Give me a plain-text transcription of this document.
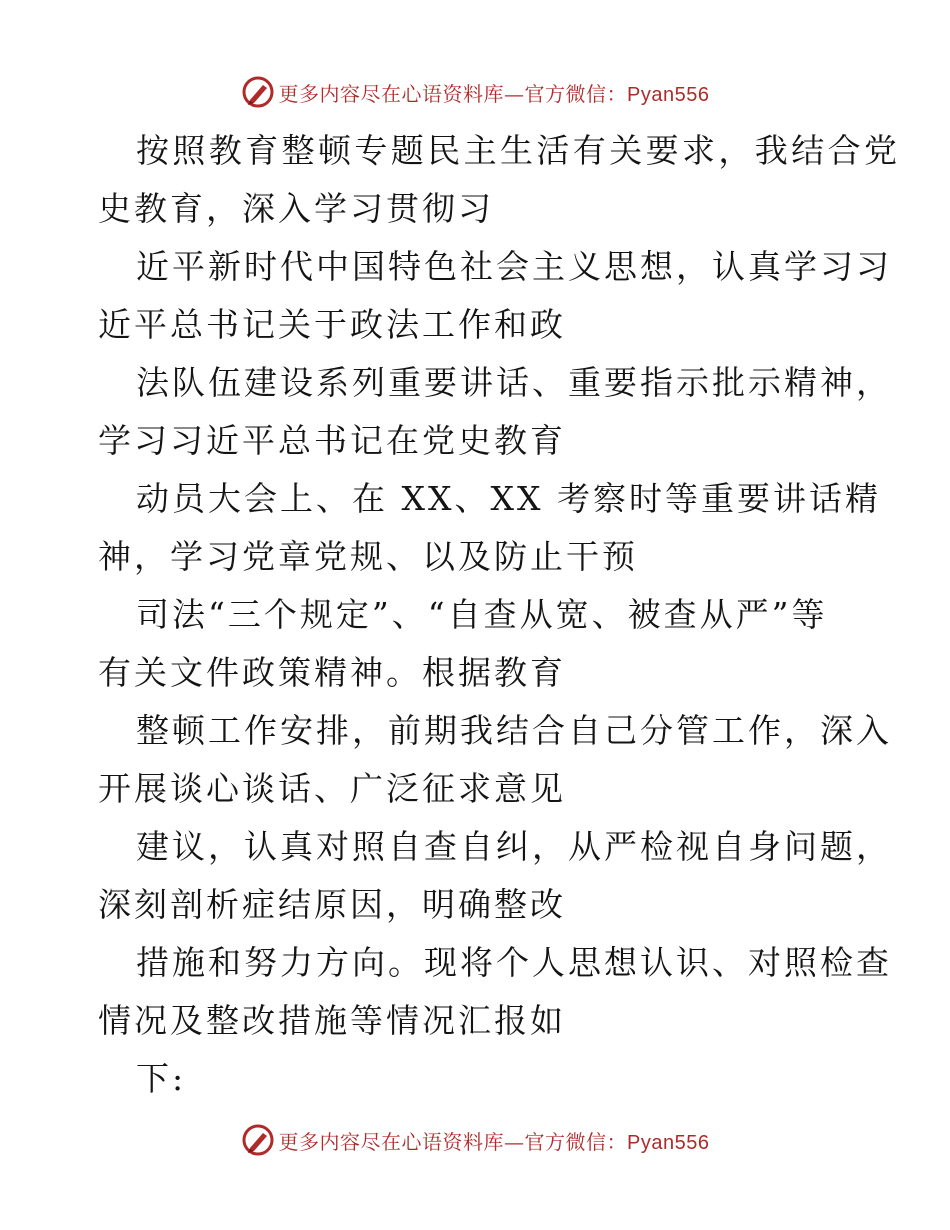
更多内容尽在心语资料库—官方微信：Pyan556
按照教育整顿专题民主生活有关要求，我结合党
史教育，深入学习贯彻习
近平新时代中国特色社会主义思想，认真学习习
近平总书记关于政法工作和政
法队伍建设系列重要讲话、重要指示批示精神，
学习习近平总书记在党史教育
动员大会上、在 XX、XX 考察时等重要讲话精
神，学习党章党规、以及防止干预
司法“三个规定”、“自查从宽、被查从严”等
有关文件政策精神。根据教育
整顿工作安排，前期我结合自己分管工作，深入
开展谈心谈话、广泛征求意见
建议，认真对照自查自纠，从严检视自身问题，
深刻剖析症结原因，明确整改
措施和努力方向。现将个人思想认识、对照检查
情况及整改措施等情况汇报如
下:
更多内容尽在心语资料库—官方微信：Pyan556
